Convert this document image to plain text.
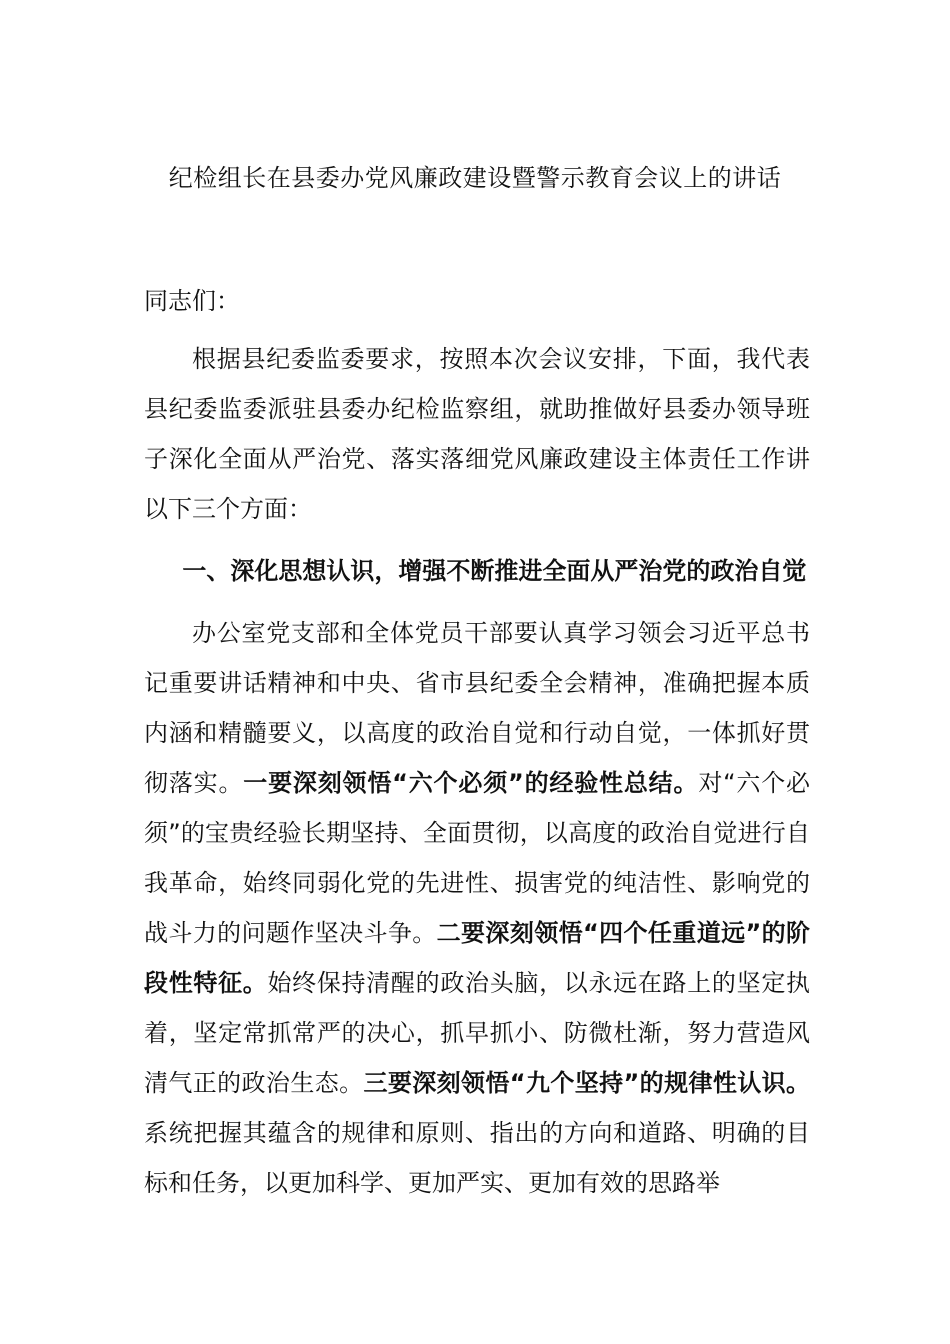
纪检组长在县委办党风廉政建设暨警示教育会议上的讲话
同志们：

根据县纪委监委要求，按照本次会议安排，下面，我代表县纪委监委派驻县委办纪检监察组，就助推做好县委办领导班子深化全面从严治党、落实落细党风廉政建设主体责任工作讲以下三个方面：

一、深化思想认识，增强不断推进全面从严治党的政治自觉

办公室党支部和全体党员干部要认真学习领会习近平总书记重要讲话精神和中央、省市县纪委全会精神，准确把握本质内涵和精髓要义，以高度的政治自觉和行动自觉，一体抓好贯彻落实。一要深刻领悟“六个必须”的经验性总结。对“六个必须”的宝贵经验长期坚持、全面贯彻，以高度的政治自觉进行自我革命，始终同弱化党的先进性、损害党的纯洁性、影响党的战斗力的问题作坚决斗争。二要深刻领悟“四个任重道远”的阶段性特征。始终保持清醒的政治头脑，以永远在路上的坚定执着，坚定常抓常严的决心，抓早抓小、防微杜渐，努力营造风清气正的政治生态。三要深刻领悟“九个坚持”的规律性认识。系统把握其蕴含的规律和原则、指出的方向和道路、明确的目标和任务，以更加科学、更加严实、更加有效的思路举
